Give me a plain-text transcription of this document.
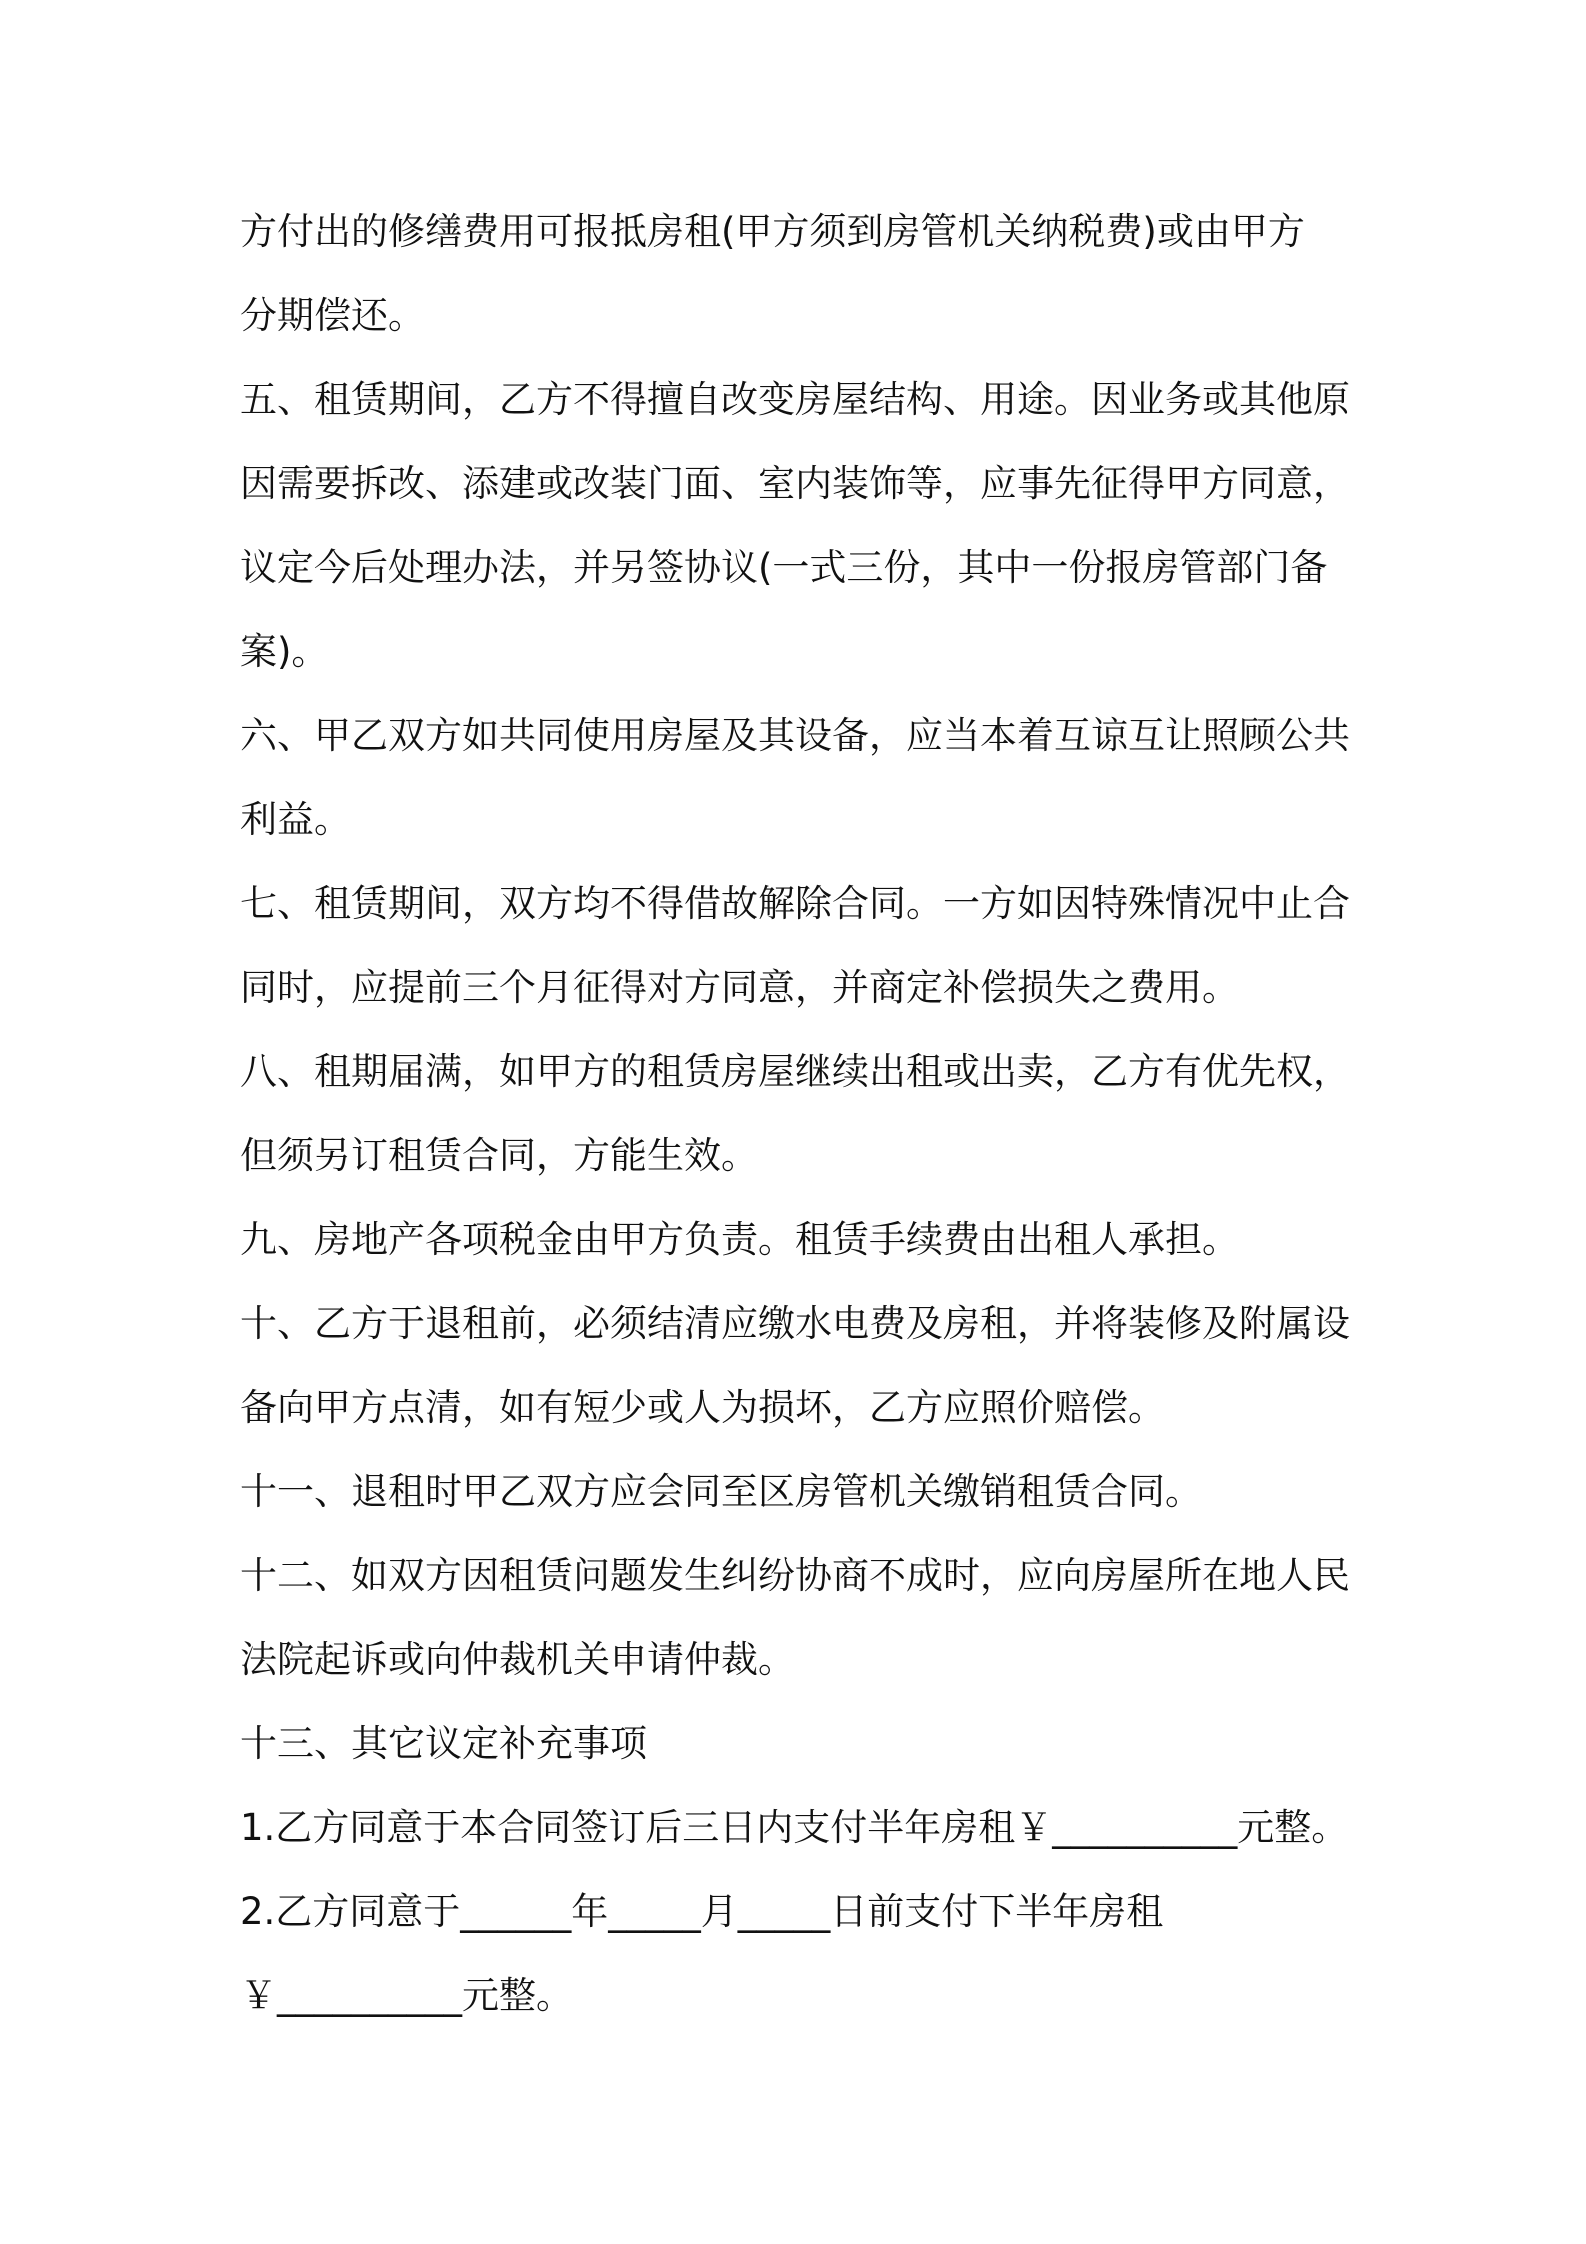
方付出的修缮费用可报抵房租(甲方须到房管机关纳税费)或由甲方
分期偿还。
五、租赁期间，乙方不得擅自改变房屋结构、用途。因业务或其他原
因需要拆改、添建或改装门面、室内装饰等，应事先征得甲方同意，
议定今后处理办法，并另签协议(一式三份，其中一份报房管部门备
案)。
六、甲乙双方如共同使用房屋及其设备，应当本着互谅互让照顾公共
利益。
七、租赁期间，双方均不得借故解除合同。一方如因特殊情况中止合
同时，应提前三个月征得对方同意，并商定补偿损失之费用。
八、租期届满，如甲方的租赁房屋继续出租或出卖，乙方有优先权，
但须另订租赁合同，方能生效。
九、房地产各项税金由甲方负责。租赁手续费由出租人承担。
十、乙方于退租前，必须结清应缴水电费及房租，并将装修及附属设
备向甲方点清，如有短少或人为损坏，乙方应照价赔偿。
十一、退租时甲乙双方应会同至区房管机关缴销租赁合同。
十二、如双方因租赁问题发生纠纷协商不成时，应向房屋所在地人民
法院起诉或向仲裁机关申请仲裁。
十三、其它议定补充事项
1.乙方同意于本合同签订后三日内支付半年房租￥__________元整。
2.乙方同意于______年_____月_____日前支付下半年房租
￥__________元整。
